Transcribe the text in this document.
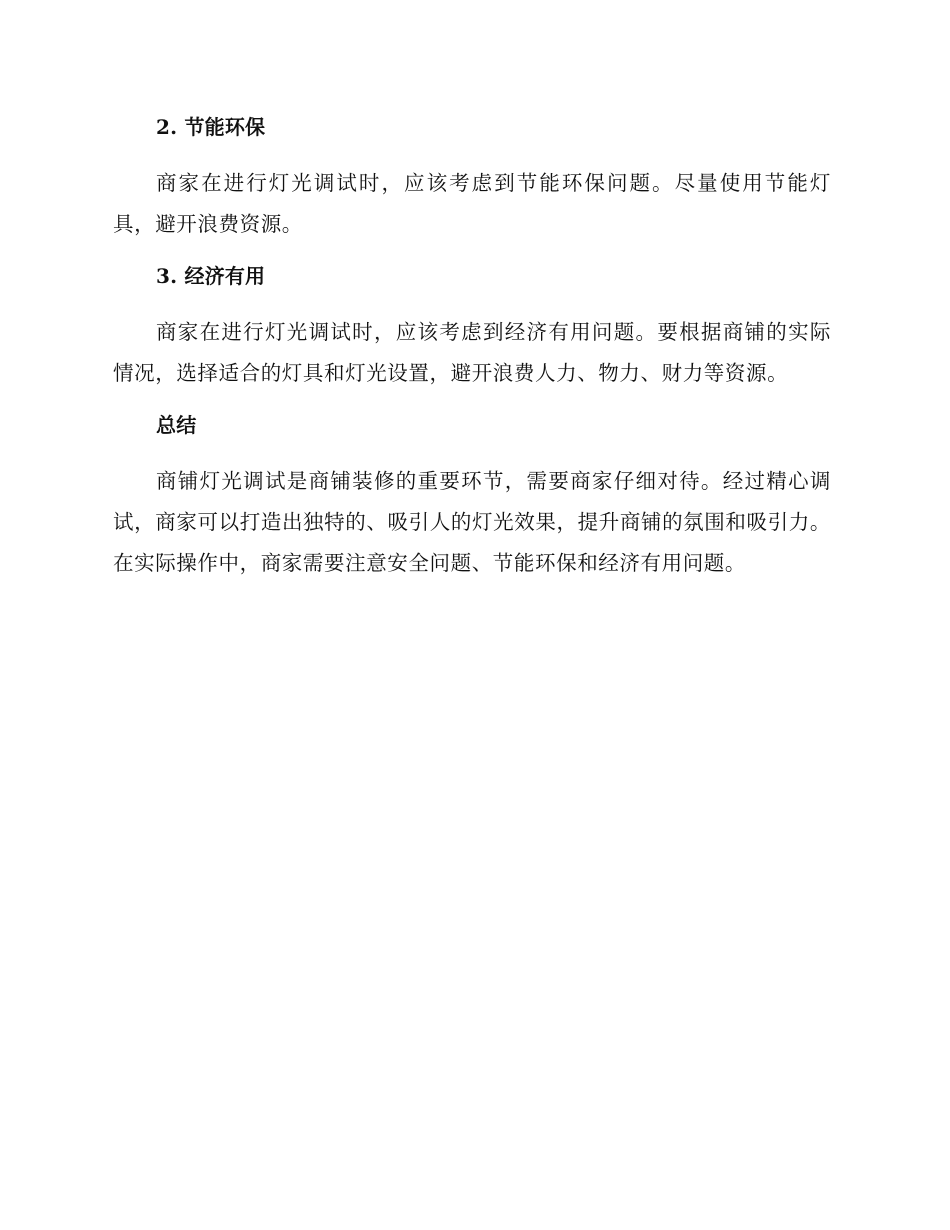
2. 节能环保

商家在进行灯光调试时，应该考虑到节能环保问题。尽量使用节能灯具，避开浪费资源。

3. 经济有用

商家在进行灯光调试时，应该考虑到经济有用问题。要根据商铺的实际情况，选择适合的灯具和灯光设置，避开浪费人力、物力、财力等资源。

总结

商铺灯光调试是商铺装修的重要环节，需要商家仔细对待。经过精心调试，商家可以打造出独特的、吸引人的灯光效果，提升商铺的氛围和吸引力。在实际操作中，商家需要注意安全问题、节能环保和经济有用问题。
